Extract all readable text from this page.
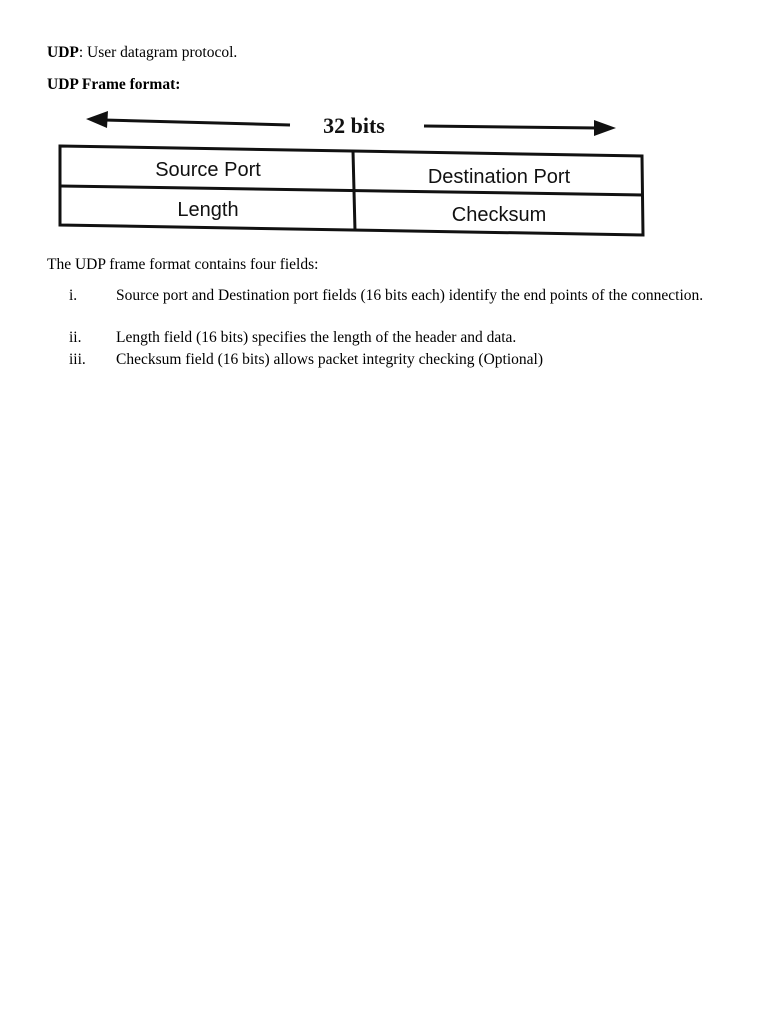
UDP: User datagram protocol.
UDP Frame format:
32 bits
Source Port	Destination Port
Length	Checksum
The UDP frame format contains four fields:
i.	Source port and Destination port fields (16 bits each) identify the end points of the connection.
ii. Length field (16 bits) specifies the length of the header and data.
iii. Checksum field (16 bits) allows packet integrity checking (Optional)
